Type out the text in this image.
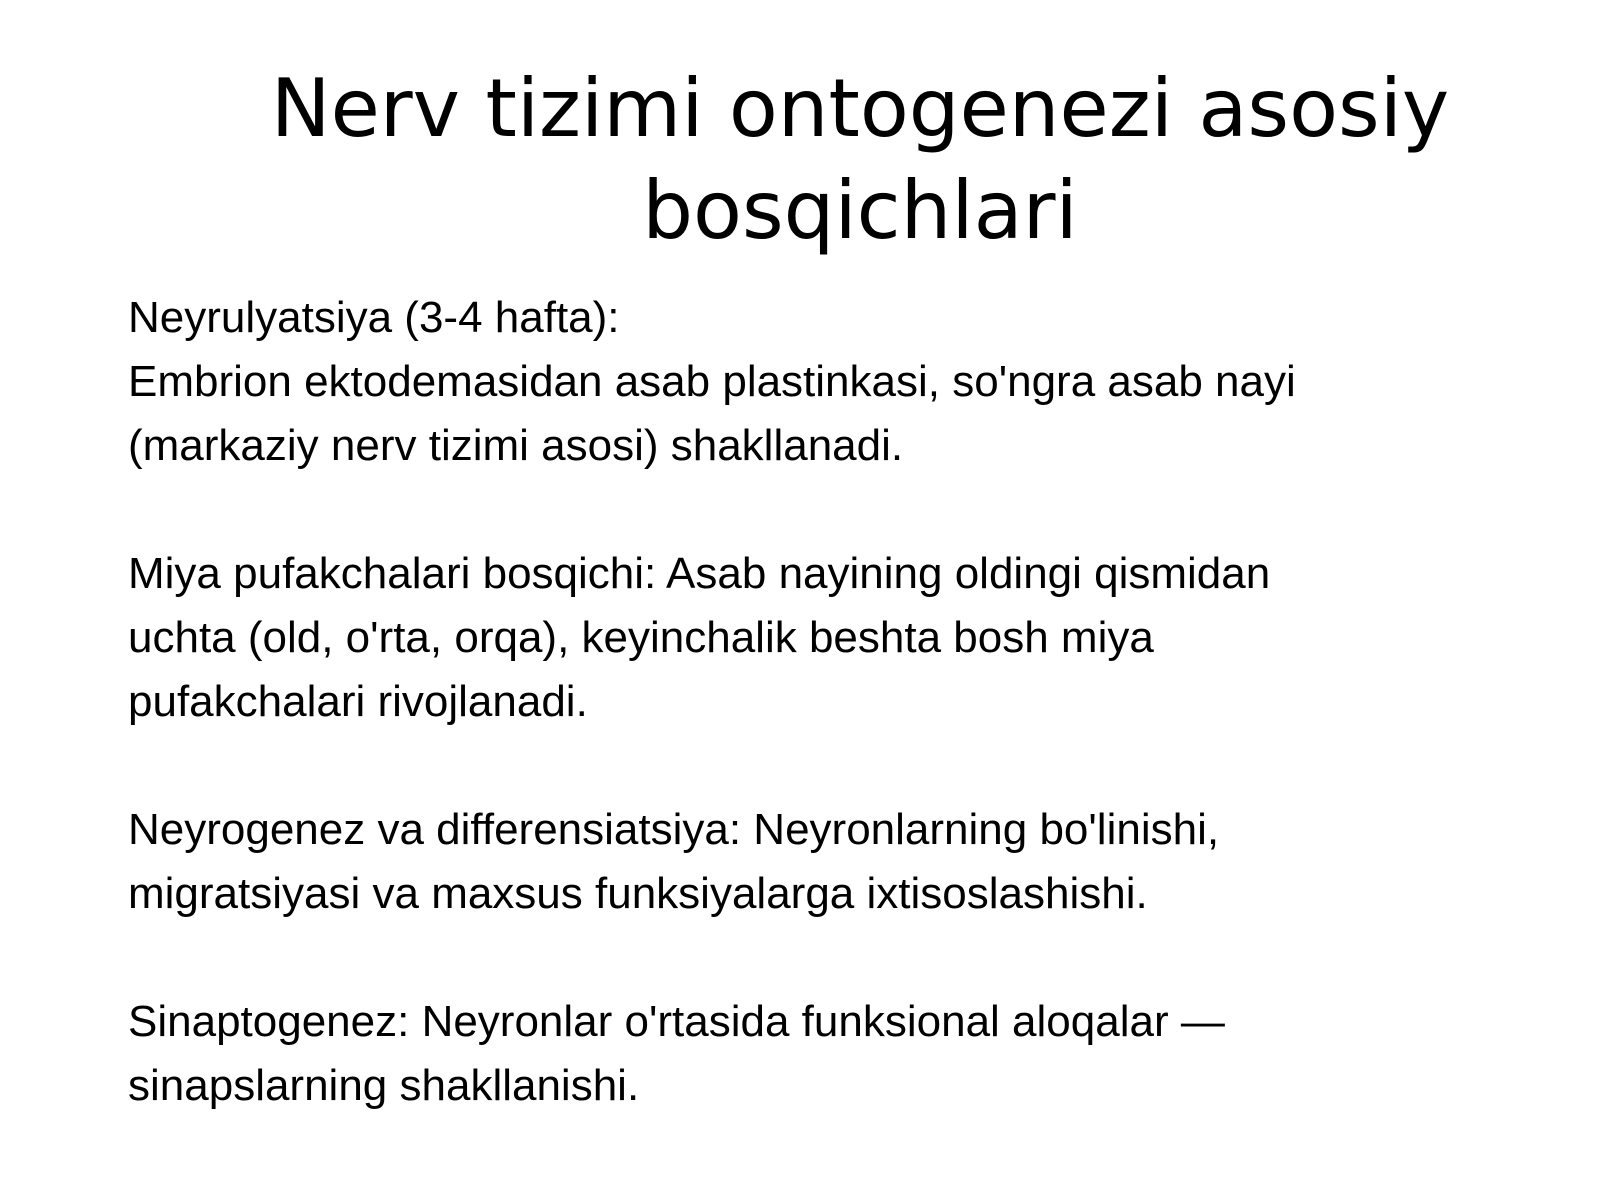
Nerv tizimi ontogenezi asosiy
bosqichlari

Neyrulyatsiya (3-4 hafta):
Embrion ektodemasidan asab plastinkasi, so'ngra asab nayi
(markaziy nerv tizimi asosi) shakllanadi.

Miya pufakchalari bosqichi: Asab nayining oldingi qismidan
uchta (old, o'rta, orqa), keyinchalik beshta bosh miya
pufakchalari rivojlanadi.

Neyrogenez va differensiatsiya: Neyronlarning bo'linishi,
migratsiyasi va maxsus funksiyalarga ixtisoslashishi.

Sinaptogenez: Neyronlar o'rtasida funksional aloqalar —
sinapslarning shakllanishi.
